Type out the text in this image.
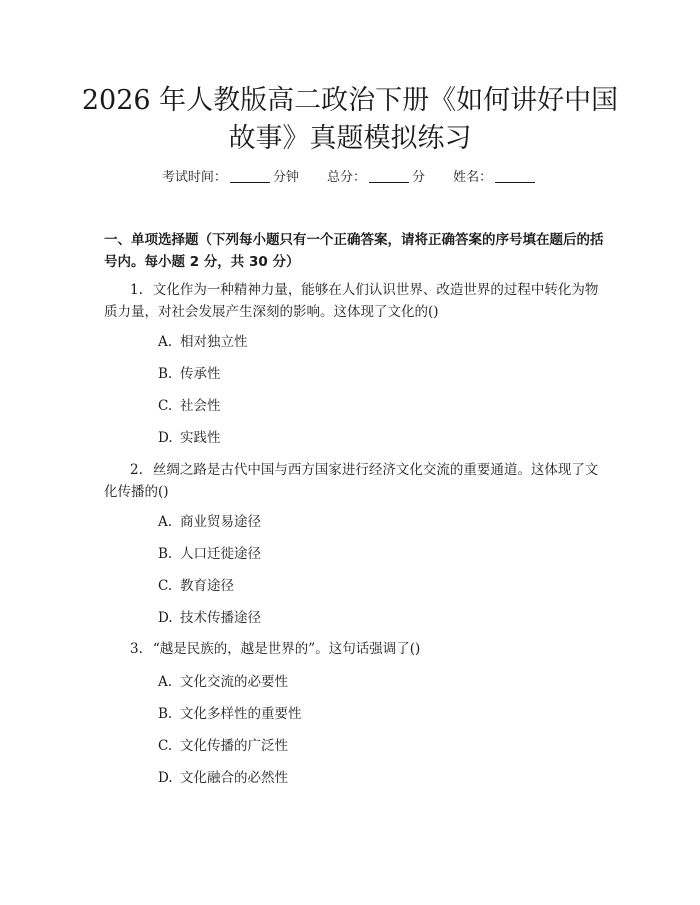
2026 年人教版高二政治下册《如何讲好中国
故事》真题模拟练习
考试时间：	分钟 总分：	分 姓名：
一、单项选择题（下列每小题只有一个正确答案，请将正确答案的序号填在题后的括号内。每小题 2 分，共 30 分）
1. 文化作为一种精神力量，能够在人们认识世界、改造世界的过程中转化为物质力量，对社会发展产生深刻的影响。这体现了文化的()
A. 相对独立性
B. 传承性
C. 社会性
D. 实践性
2. 丝绸之路是古代中国与西方国家进行经济文化交流的重要通道。这体现了文化传播的()
A. 商业贸易途径
B. 人口迁徙途径
C. 教育途径
D. 技术传播途径
3. “越是民族的，越是世界的”。这句话强调了()
A. 文化交流的必要性
B. 文化多样性的重要性
C. 文化传播的广泛性
D. 文化融合的必然性
